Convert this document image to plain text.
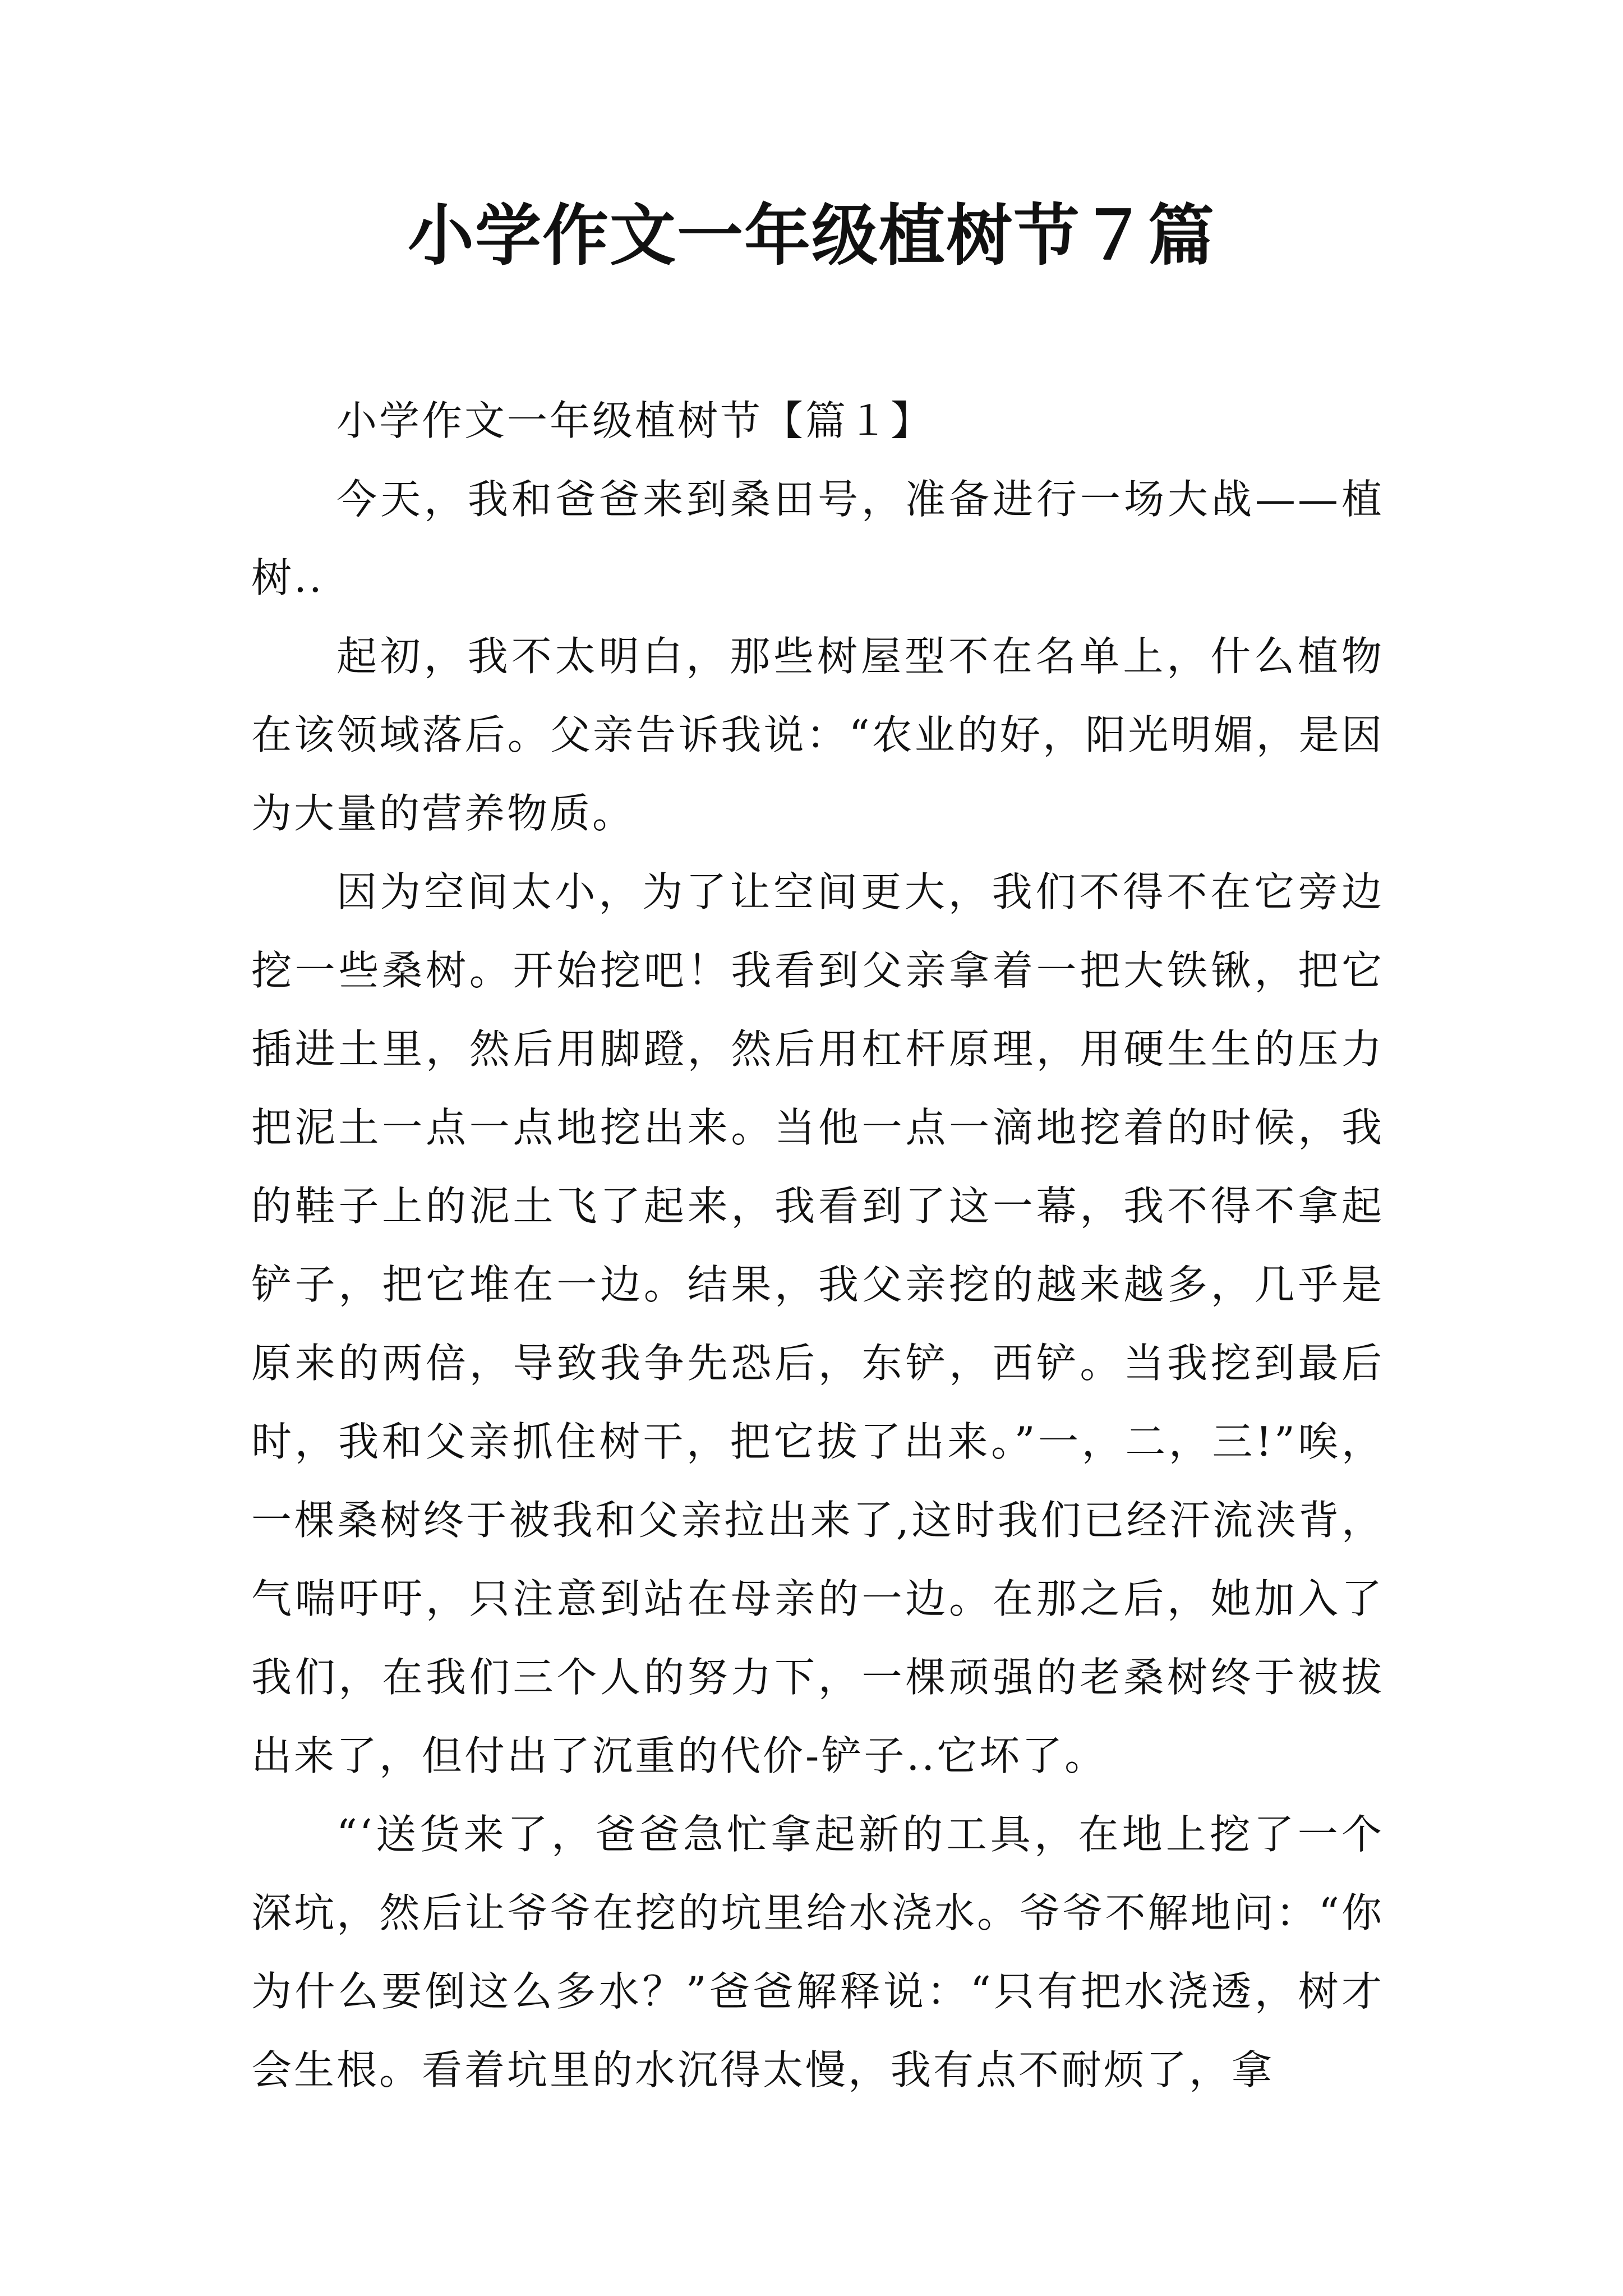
小学作文一年级植树节７篇

小学作文一年级植树节【篇１】

今天，我和爸爸来到桑田号，准备进行一场大战——植树..

起初，我不太明白，那些树屋型不在名单上，什么植物在该领域落后。父亲告诉我说：“农业的好，阳光明媚，是因为大量的营养物质。

因为空间太小，为了让空间更大，我们不得不在它旁边挖一些桑树。开始挖吧！我看到父亲拿着一把大铁锹，把它插进土里，然后用脚蹬，然后用杠杆原理，用硬生生的压力把泥土一点一点地挖出来。当他一点一滴地挖着的时候，我的鞋子上的泥土飞了起来，我看到了这一幕，我不得不拿起铲子，把它堆在一边。结果，我父亲挖的越来越多，几乎是原来的两倍，导致我争先恐后，东铲，西铲。当我挖到最后时，我和父亲抓住树干，把它拔了出来。”一，二，三!”唉，一棵桑树终于被我和父亲拉出来了,这时我们已经汗流浃背，气喘吁吁，只注意到站在母亲的一边。在那之后，她加入了我们，在我们三个人的努力下，一棵顽强的老桑树终于被拔出来了，但付出了沉重的代价-铲子..它坏了。

“‘送货来了，爸爸急忙拿起新的工具，在地上挖了一个深坑，然后让爷爷在挖的坑里给水浇水。爷爷不解地问：“你为什么要倒这么多水？”爸爸解释说：“只有把水浇透，树才会生根。看着坑里的水沉得太慢，我有点不耐烦了，拿
